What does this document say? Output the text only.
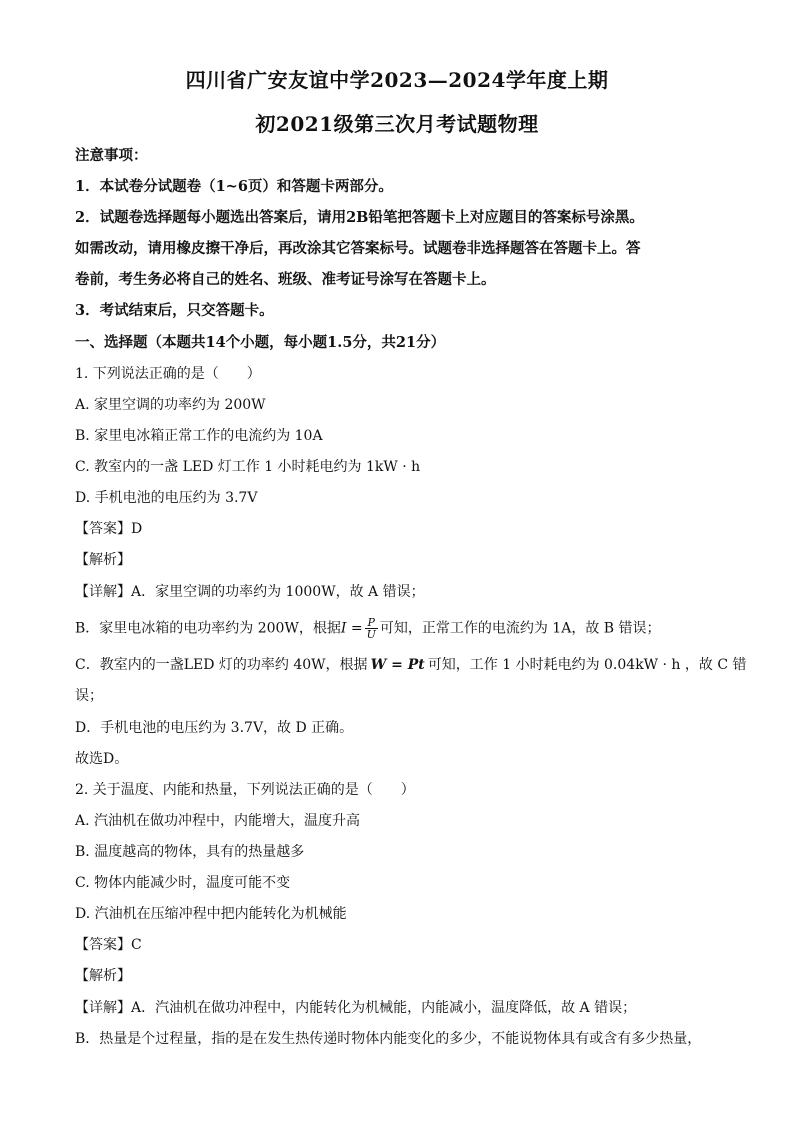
四川省广安友谊中学2023—2024学年度上期
初2021级第三次月考试题物理
注意事项：
1．本试卷分试题卷（1~6页）和答题卡两部分。
2．试题卷选择题每小题选出答案后，请用2B铅笔把答题卡上对应题目的答案标号涂黑。
如需改动，请用橡皮擦干净后，再改涂其它答案标号。试题卷非选择题答在答题卡上。答
卷前，考生务必将自己的姓名、班级、准考证号涂写在答题卡上。
3．考试结束后，只交答题卡。
一、选择题（本题共14个小题，每小题1.5分，共21分）
1. 下列说法正确的是（　　）
A. 家里空调的功率约为 200W
B. 家里电冰箱正常工作的电流约为 10A
C. 教室内的一盏 LED 灯工作 1 小时耗电约为 1kW · h
D. 手机电池的电压约为 3.7V
【答案】D
【解析】
【详解】A．家里空调的功率约为 1000W，故 A 错误；
B．家里电冰箱的电功率约为 200W，根据$I = \frac{P}{U}$ 可知，正常工作的电流约为 1A，故 B 错误；
C．教室内的一盏LED 灯的功率约 40W，根据 W = Pt 可知，工作 1 小时耗电约为 0.04kW · h ，故 C 错
误；
D．手机电池的电压约为 3.7V，故 D 正确。
故选D。
2. 关于温度、内能和热量，下列说法正确的是（　　）
A. 汽油机在做功冲程中，内能增大，温度升高
B. 温度越高的物体，具有的热量越多
C. 物体内能减少时，温度可能不变
D. 汽油机在压缩冲程中把内能转化为机械能
【答案】C
【解析】
【详解】A．汽油机在做功冲程中，内能转化为机械能，内能减小，温度降低，故 A 错误；
B．热量是个过程量，指的是在发生热传递时物体内能变化的多少，不能说物体具有或含有多少热量，
